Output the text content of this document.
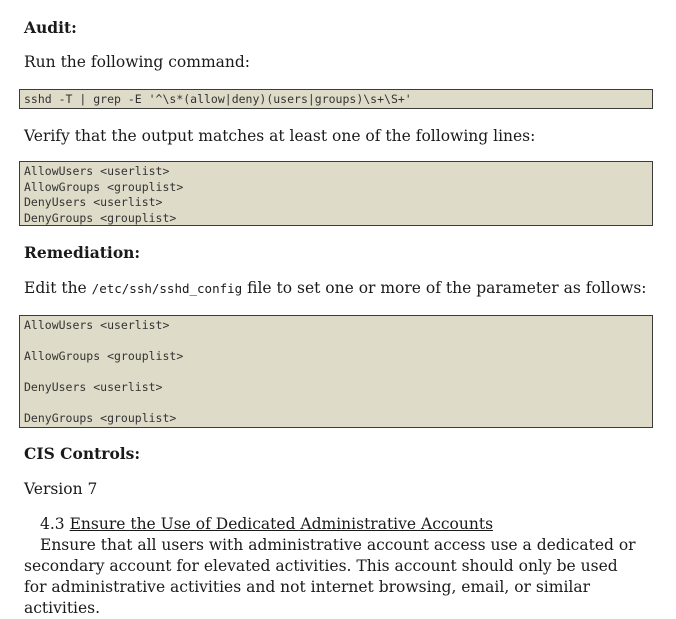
Audit:
Run the following command:
sshd -T | grep -E '^\s*(allow|deny)(users|groups)\s+\S+'
Verify that the output matches at least one of the following lines:
AllowUsers <userlist>
AllowGroups <grouplist>
DenyUsers <userlist>
DenyGroups <grouplist>
Remediation:
Edit the /etc/ssh/sshd_config file to set one or more of the parameter as follows:
AllowUsers <userlist>
AllowGroups <grouplist>
DenyUsers <userlist>
DenyGroups <grouplist>
CIS Controls:
Version 7
4.3 Ensure the Use of Dedicated Administrative Accounts
Ensure that all users with administrative account access use a dedicated or secondary account for elevated activities. This account should only be used for administrative activities and not internet browsing, email, or similar activities.
